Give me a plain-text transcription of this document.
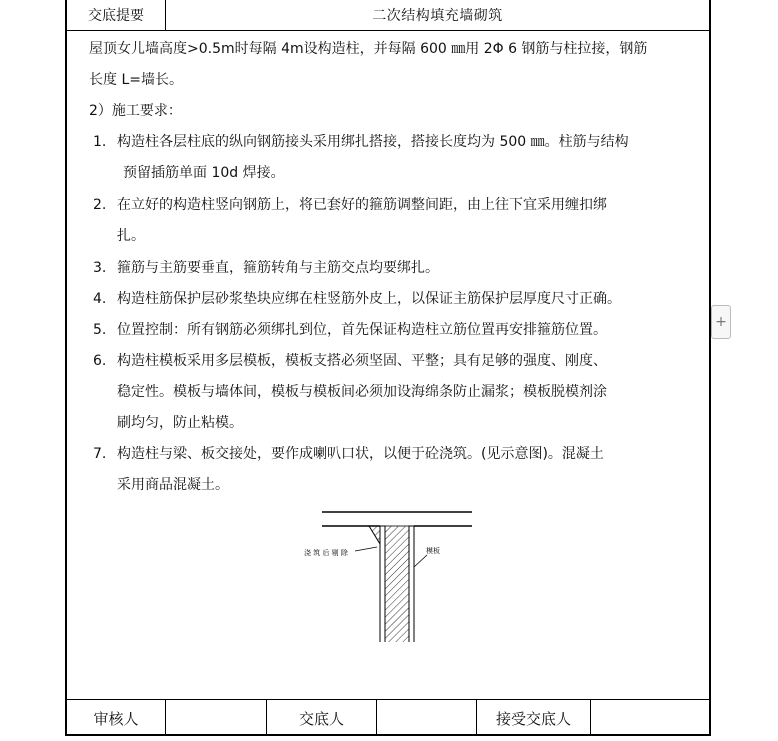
交底提要	二次结构填充墙砌筑
屋顶女儿墙高度>0.5m时每隔 4m设构造柱，并每隔 600 ㎜用 2Φ 6 钢筋与柱拉接，钢筋
长度 L=墙长。
2）施工要求：
1. 构造柱各层柱底的纵向钢筋接头采用绑扎搭接，搭接长度均为 500 ㎜。柱筋与结构
预留插筋单面 10d 焊接。
2. 在立好的构造柱竖向钢筋上，将已套好的箍筋调整间距，由上往下宜采用缠扣绑
扎。
3. 箍筋与主筋要垂直，箍筋转角与主筋交点均要绑扎。
4. 构造柱筋保护层砂浆垫块应绑在柱竖筋外皮上，以保证主筋保护层厚度尺寸正确。
5. 位置控制：所有钢筋必须绑扎到位，首先保证构造柱立筋位置再安排箍筋位置。
6. 构造柱模板采用多层模板，模板支搭必须坚固、平整；具有足够的强度、刚度、
稳定性。模板与墙体间，模板与模板间必须加设海绵条防止漏浆；模板脱模剂涂
刷均匀，防止粘模。
7. 构造柱与梁、板交接处，要作成喇叭口状，以便于砼浇筑。(见示意图)。混凝土
采用商品混凝土。
浇 筑 后 剔 除	模板
审核人	交底人	接受交底人
+
